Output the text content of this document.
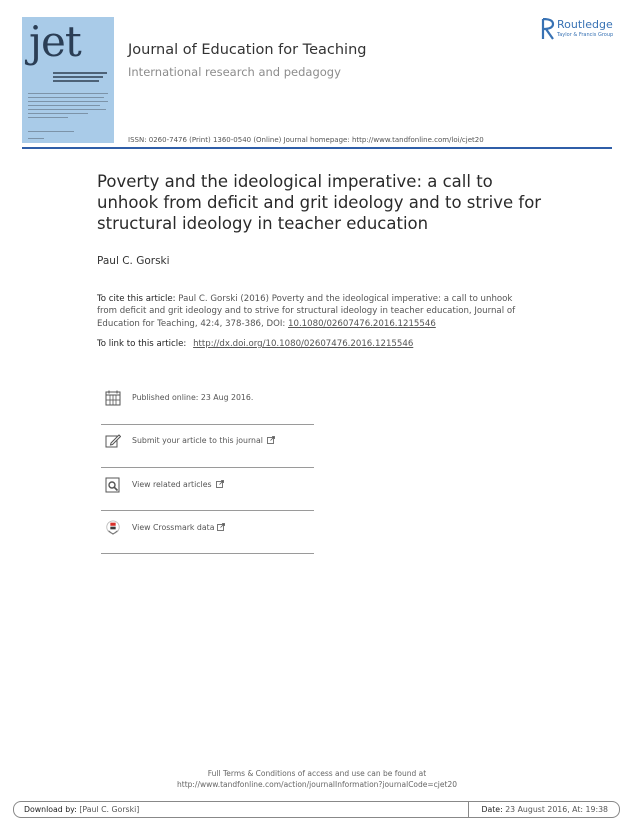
jet	Journal of Education for Teaching
International research and pedagogy
Routledge
Taylor & Francis Group
ISSN: 0260-7476 (Print) 1360-0540 (Online) Journal homepage: http://www.tandfonline.com/loi/cjet20
Poverty and the ideological imperative: a call to unhook from deficit and grit ideology and to strive for structural ideology in teacher education
Paul C. Gorski
To cite this article: Paul C. Gorski (2016) Poverty and the ideological imperative: a call to unhook from deficit and grit ideology and to strive for structural ideology in teacher education, Journal of Education for Teaching, 42:4, 378-386, DOI: 10.1080/02607476.2016.1215546
To link to this article: http://dx.doi.org/10.1080/02607476.2016.1215546
Published online: 23 Aug 2016.
Submit your article to this journal
View related articles
View Crossmark data
Full Terms & Conditions of access and use can be found at
http://www.tandfonline.com/action/journalInformation?journalCode=cjet20
Download by: [Paul C. Gorski]	Date: 23 August 2016, At: 19:38
